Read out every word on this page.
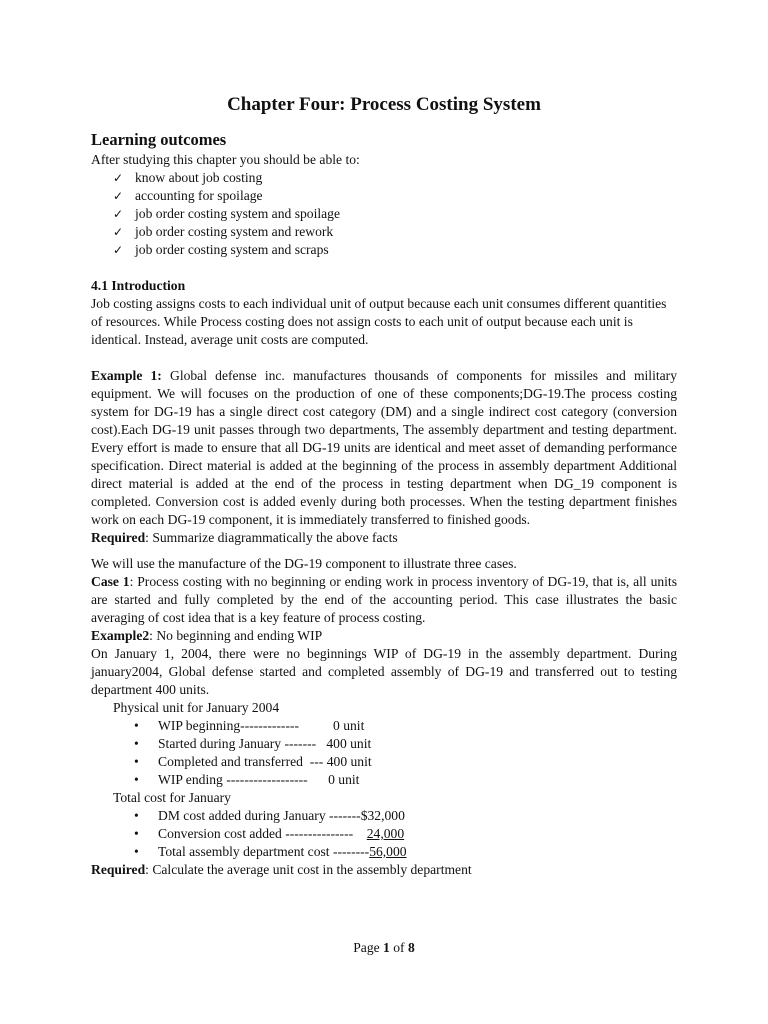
Chapter Four: Process Costing System
Learning outcomes

After studying this chapter you should be able to:

✓ know about job costing
✓ accounting for spoilage
✓ job order costing system and spoilage
✓ job order costing system and rework
✓ job order costing system and scraps
4.1 Introduction

Job costing assigns costs to each individual unit of output because each unit consumes different quantities of resources. While Process costing does not assign costs to each unit of output because each unit is identical. Instead, average unit costs are computed.

Example 1: Global defense inc. manufactures thousands of components for missiles and military equipment. We will focuses on the production of one of these components;DG-19.The process costing system for DG-19 has a single direct cost category (DM) and a single indirect cost category (conversion cost).Each DG-19 unit passes through two departments, The assembly department and testing department. Every effort is made to ensure that all DG-19 units are identical and meet asset of demanding performance specification. Direct material is added at the beginning of the process in assembly department Additional direct material is added at the end of the process in testing department when DG_19 component is completed. Conversion cost is added evenly during both processes. When the testing department finishes work on each DG-19 component, it is immediately transferred to finished goods.

Required: Summarize diagrammatically the above facts

We will use the manufacture of the DG-19 component to illustrate three cases.

Case 1: Process costing with no beginning or ending work in process inventory of DG-19, that is, all units are started and fully completed by the end of the accounting period. This case illustrates the basic averaging of cost idea that is a key feature of process costing.

Example2: No beginning and ending WIP

On January 1, 2004, there were no beginnings WIP of DG-19 in the assembly department. During january2004, Global defense started and completed assembly of DG-19 and transferred out to testing department 400 units.

Physical unit for January 2004

•	WIP beginning-------------          0 unit
•	Started during January -------   400 unit
•	Completed and transferred  --- 400 unit
•	WIP ending ------------------      0 unit

Total cost for January

•	DM cost added during January -------$32,000
•	Conversion cost added ---------------    24,000
•	Total assembly department cost --------56,000

Required: Calculate the average unit cost in the assembly department

Page 1 of 8
